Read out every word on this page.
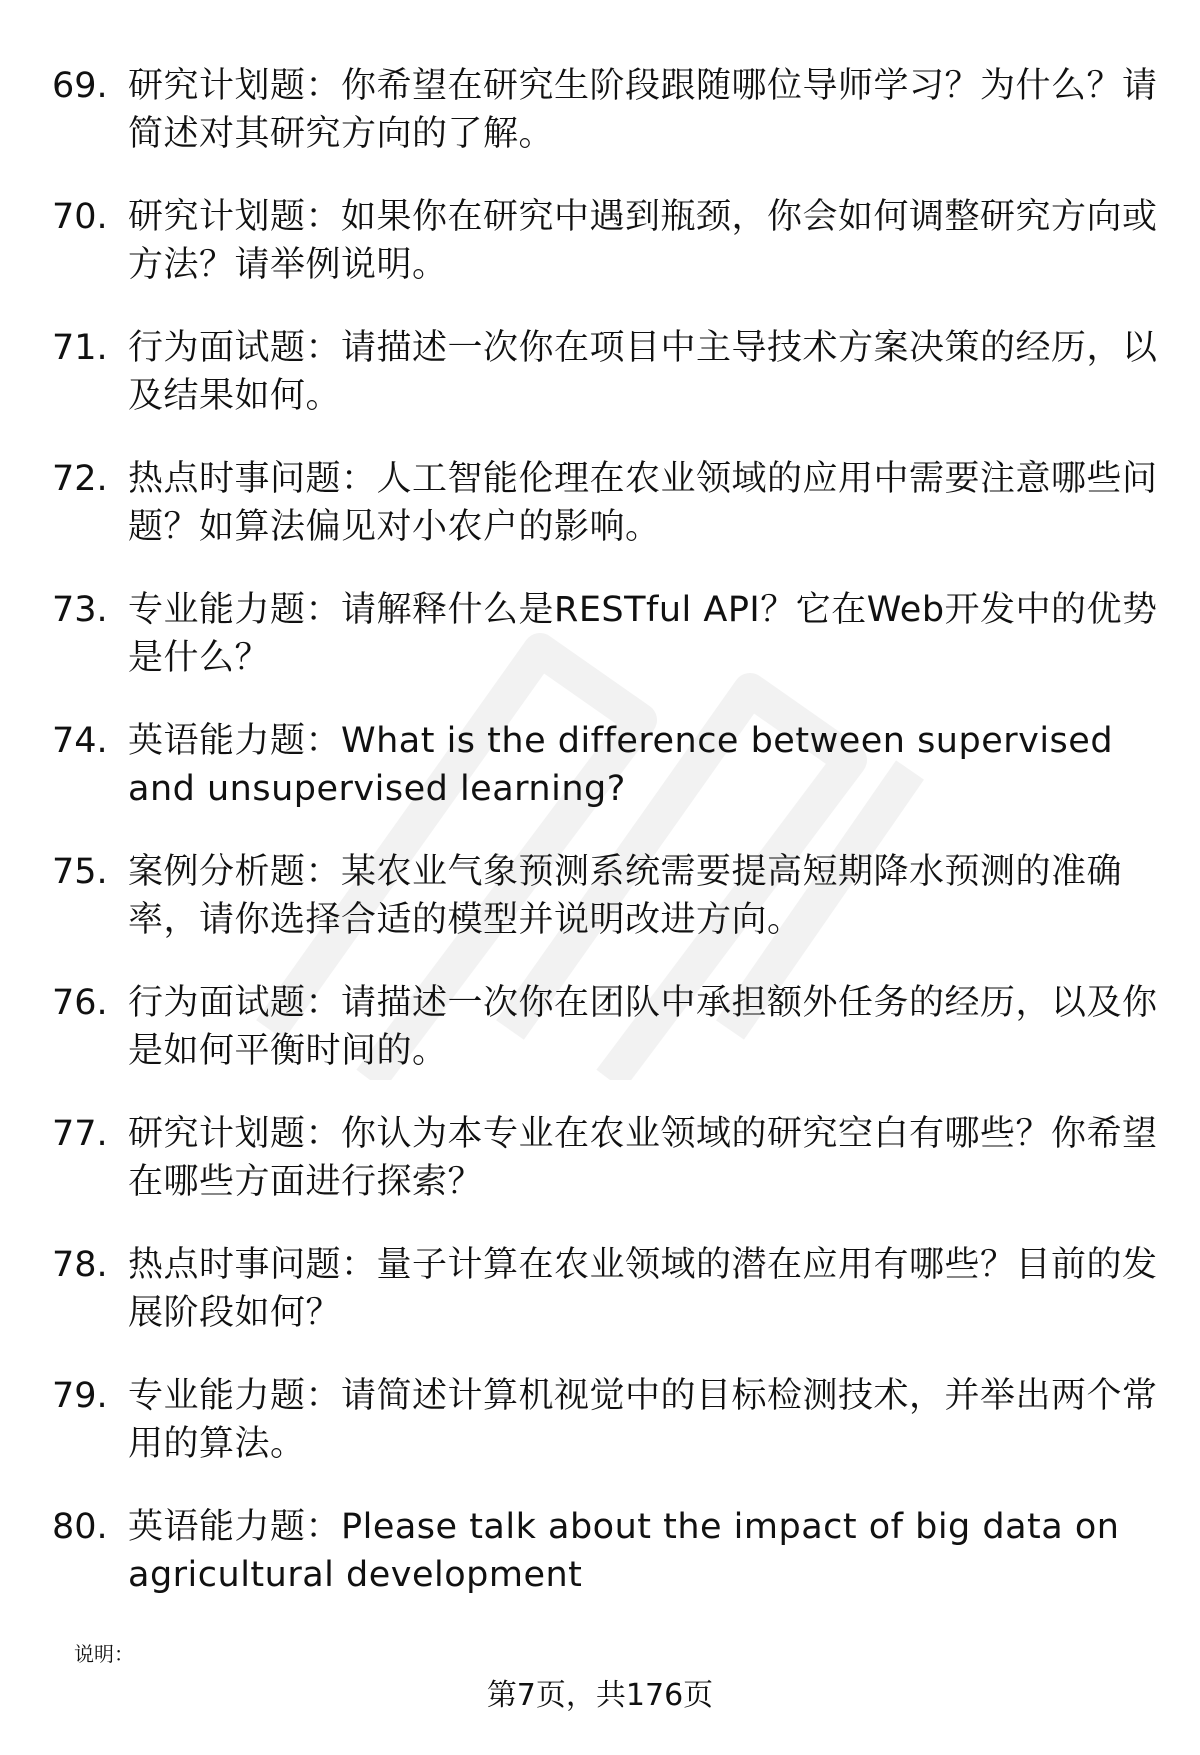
69. 研究计划题：你希望在研究生阶段跟随哪位导师学习？为什么？请简述对其研究方向的了解。
70. 研究计划题：如果你在研究中遇到瓶颈，你会如何调整研究方向或方法？请举例说明。
71. 行为面试题：请描述一次你在项目中主导技术方案决策的经历，以及结果如何。
72. 热点时事问题：人工智能伦理在农业领域的应用中需要注意哪些问题？如算法偏见对小农户的影响。
73. 专业能力题：请解释什么是RESTful API？它在Web开发中的优势是什么？
74. 英语能力题：What is the difference between supervised and unsupervised learning?
75. 案例分析题：某农业气象预测系统需要提高短期降水预测的准确率，请你选择合适的模型并说明改进方向。
76. 行为面试题：请描述一次你在团队中承担额外任务的经历，以及你是如何平衡时间的。
77. 研究计划题：你认为本专业在农业领域的研究空白有哪些？你希望在哪些方面进行探索？
78. 热点时事问题：量子计算在农业领域的潜在应用有哪些？目前的发展阶段如何？
79. 专业能力题：请简述计算机视觉中的目标检测技术，并举出两个常用的算法。
80. 英语能力题：Please talk about the impact of big data on agricultural development
说明：
第7页，共176页
